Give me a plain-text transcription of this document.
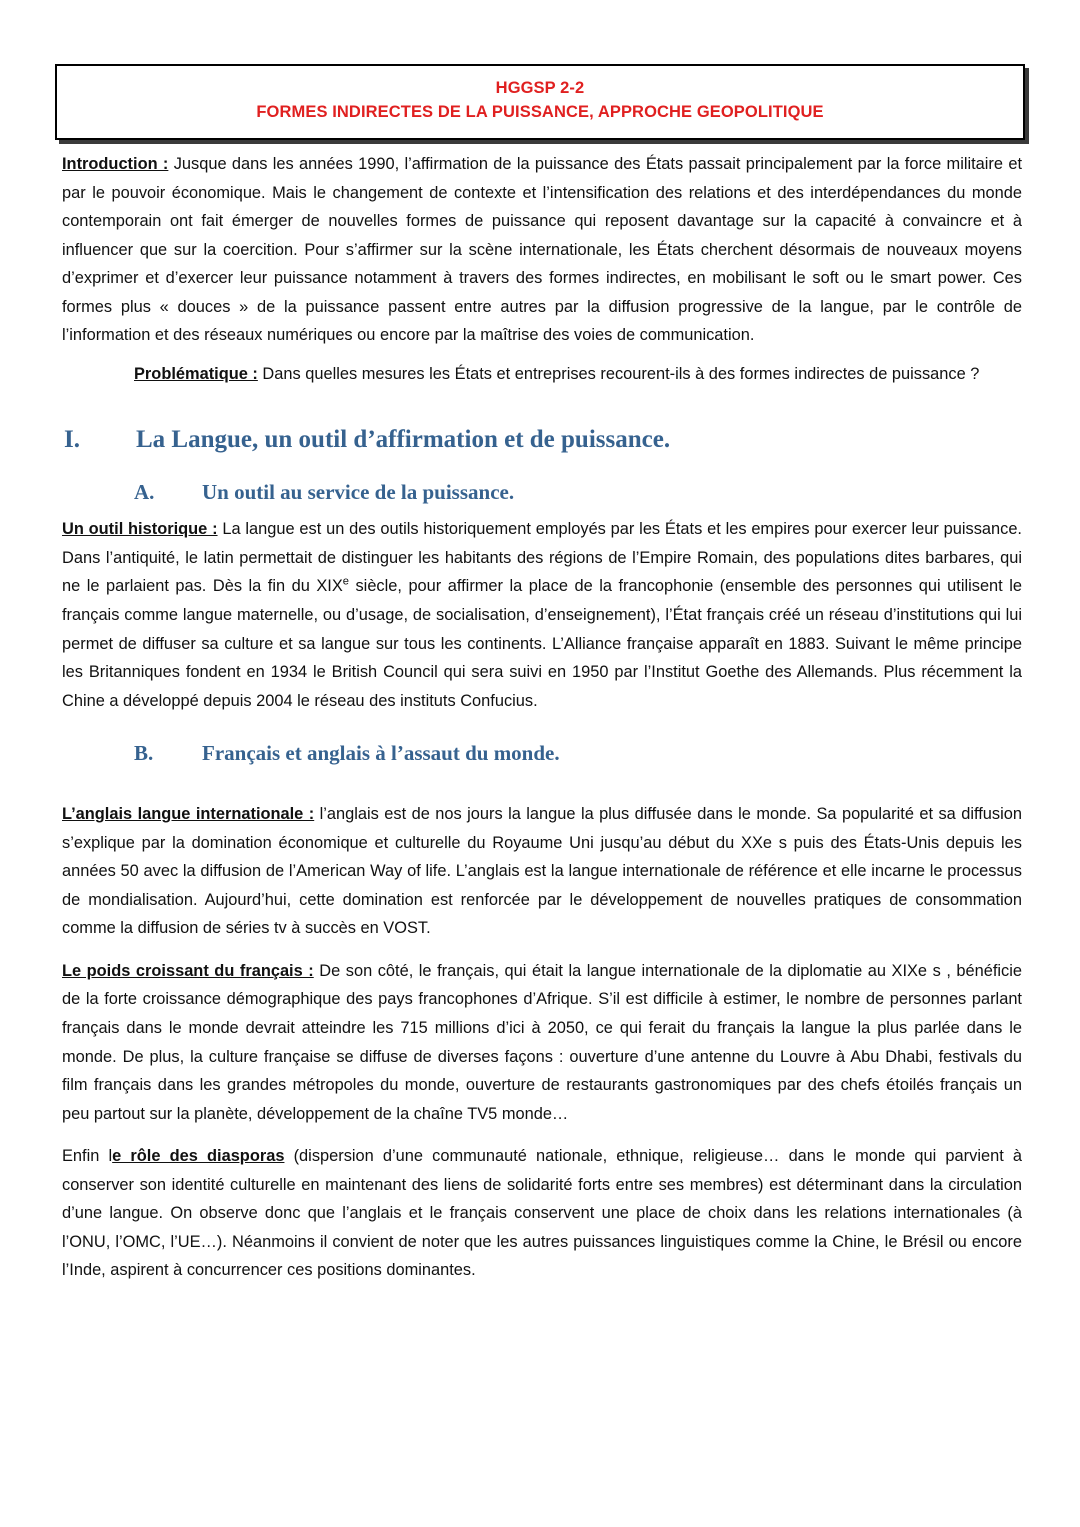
HGGSP 2-2
FORMES INDIRECTES DE LA PUISSANCE, APPROCHE GEOPOLITIQUE

Introduction : Jusque dans les années 1990, l’affirmation de la puissance des États passait principalement par la force militaire et par le pouvoir économique. Mais le changement de contexte et l’intensification des relations et des interdépendances du monde contemporain ont fait émerger de nouvelles formes de puissance qui reposent davantage sur la capacité à convaincre et à influencer que sur la coercition. Pour s’affirmer sur la scène internationale, les États cherchent désormais de nouveaux moyens d’exprimer et d’exercer leur puissance notamment à travers des formes indirectes, en mobilisant le soft ou le smart power. Ces formes plus « douces » de la puissance passent entre autres par la diffusion progressive de la langue, par le contrôle de l’information et des réseaux numériques ou encore par la maîtrise des voies de communication.

Problématique : Dans quelles mesures les États et entreprises recourent-ils à des formes indirectes de puissance ?

I. La Langue, un outil d’affirmation et de puissance.
A. Un outil au service de la puissance.

Un outil historique : La langue est un des outils historiquement employés par les États et les empires pour exercer leur puissance. Dans l’antiquité, le latin permettait de distinguer les habitants des régions de l’Empire Romain, des populations dites barbares, qui ne le parlaient pas. Dès la fin du XIXe siècle, pour affirmer la place de la francophonie (ensemble des personnes qui utilisent le français comme langue maternelle, ou d’usage, de socialisation, d’enseignement), l’État français créé un réseau d’institutions qui lui permet de diffuser sa culture et sa langue sur tous les continents. L’Alliance française apparaît en 1883. Suivant le même principe les Britanniques fondent en 1934 le British Council qui sera suivi en 1950 par l’Institut Goethe des Allemands. Plus récemment la Chine a développé depuis 2004 le réseau des instituts Confucius.

B. Français et anglais à l’assaut du monde.

L’anglais langue internationale : l’anglais est de nos jours la langue la plus diffusée dans le monde. Sa popularité et sa diffusion s’explique par la domination économique et culturelle du Royaume Uni jusqu’au début du XXe s puis des États-Unis depuis les années 50 avec la diffusion de l’American Way of life. L’anglais est la langue internationale de référence et elle incarne le processus de mondialisation. Aujourd’hui, cette domination est renforcée par le développement de nouvelles pratiques de consommation comme la diffusion de séries tv à succès en VOST.

Le poids croissant du français : De son côté, le français, qui était la langue internationale de la diplomatie au XIXe s , bénéficie de la forte croissance démographique des pays francophones d’Afrique. S’il est difficile à estimer, le nombre de personnes parlant français dans le monde devrait atteindre les 715 millions d’ici à 2050, ce qui ferait du français la langue la plus parlée dans le monde. De plus, la culture française se diffuse de diverses façons : ouverture d’une antenne du Louvre à Abu Dhabi, festivals du film français dans les grandes métropoles du monde, ouverture de restaurants gastronomiques par des chefs étoilés français un peu partout sur la planète, développement de la chaîne TV5 monde…

Enfin le rôle des diasporas (dispersion d’une communauté nationale, ethnique, religieuse… dans le monde qui parvient à conserver son identité culturelle en maintenant des liens de solidarité forts entre ses membres) est déterminant dans la circulation d’une langue. On observe donc que l’anglais et le français conservent une place de choix dans les relations internationales (à l’ONU, l’OMC, l’UE…). Néanmoins il convient de noter que les autres puissances linguistiques comme la Chine, le Brésil ou encore l’Inde, aspirent à concurrencer ces positions dominantes.
